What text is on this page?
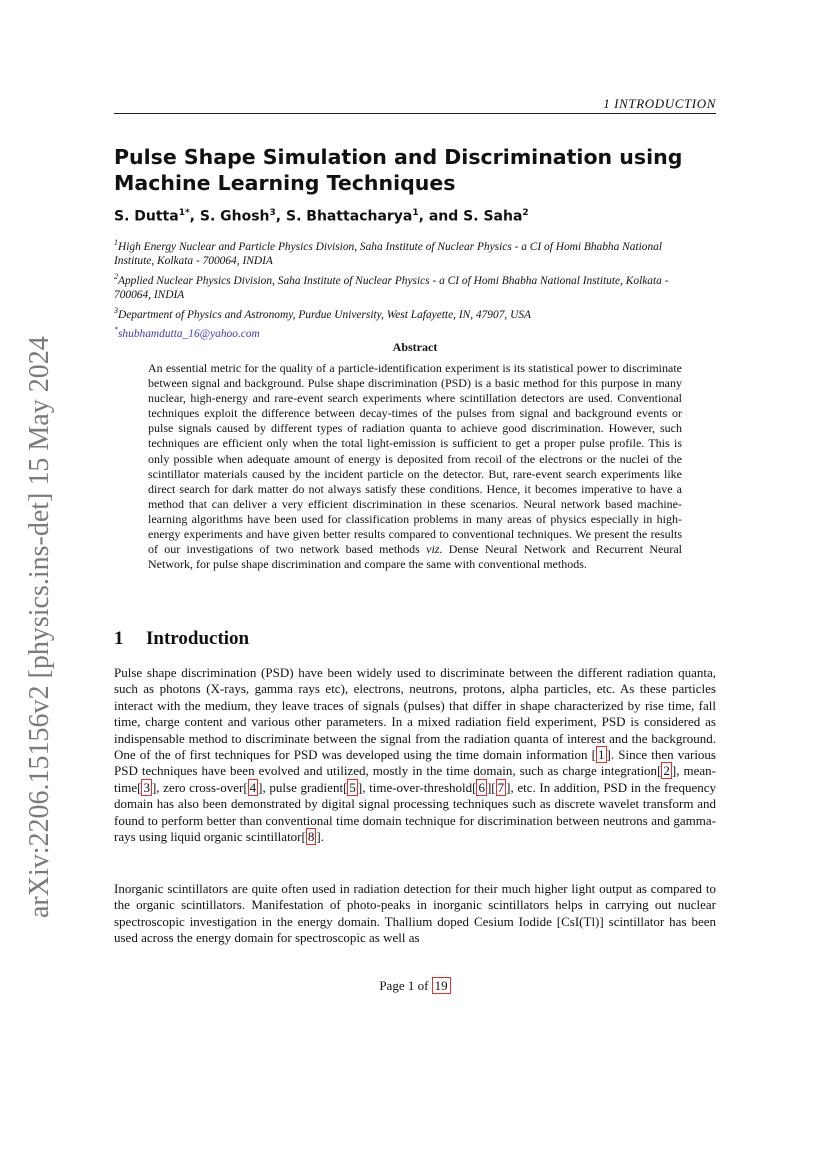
1 INTRODUCTION
arXiv:2206.15156v2 [physics.ins-det] 15 May 2024
Pulse Shape Simulation and Discrimination using Machine Learning Techniques
S. Dutta$^{1*}$, S. Ghosh$^3$, S. Bhattacharya$^1$, and S. Saha$^2$
$^1$High Energy Nuclear and Particle Physics Division, Saha Institute of Nuclear Physics - a CI of Homi Bhabha National Institute, Kolkata - 700064, INDIA
$^2$Applied Nuclear Physics Division, Saha Institute of Nuclear Physics - a CI of Homi Bhabha National Institute, Kolkata - 700064, INDIA
$^3$Department of Physics and Astronomy, Purdue University, West Lafayette, IN, 47907, USA
*shubhamdutta_16@yahoo.com
Abstract
An essential metric for the quality of a particle-identification experiment is its statistical power to discriminate between signal and background. Pulse shape discrimination (PSD) is a basic method for this purpose in many nuclear, high-energy and rare-event search experiments where scintillation detectors are used. Conventional techniques exploit the difference between decay-times of the pulses from signal and background events or pulse signals caused by different types of radiation quanta to achieve good discrimination. However, such techniques are efficient only when the total light-emission is sufficient to get a proper pulse profile. This is only possible when adequate amount of energy is deposited from recoil of the electrons or the nuclei of the scintillator materials caused by the incident particle on the detector. But, rare-event search experiments like direct search for dark matter do not always satisfy these conditions. Hence, it becomes imperative to have a method that can deliver a very efficient discrimination in these scenarios. Neural network based machine-learning algorithms have been used for classification problems in many areas of physics especially in high-energy experiments and have given better results compared to conventional techniques. We present the results of our investigations of two network based methods viz. Dense Neural Network and Recurrent Neural Network, for pulse shape discrimination and compare the same with conventional methods.
1 Introduction
Pulse shape discrimination (PSD) have been widely used to discriminate between the different radiation quanta, such as photons (X-rays, gamma rays etc), electrons, neutrons, protons, alpha particles, etc. As these particles interact with the medium, they leave traces of signals (pulses) that differ in shape characterized by rise time, fall time, charge content and various other parameters. In a mixed radiation field experiment, PSD is considered as indispensable method to discriminate between the signal from the radiation quanta of interest and the background. One of the of first techniques for PSD was developed using the time domain information [ 1 ]. Since then various PSD techniques have been evolved and utilized, mostly in the time domain, such as charge integration[ 2 ], mean-time[ 3 ], zero cross-over[ 4 ], pulse gradient[ 5 ], time-over-threshold[ 6 ][ 7 ], etc. In addition, PSD in the frequency domain has also been demonstrated by digital signal processing techniques such as discrete wavelet transform and found to perform better than conventional time domain technique for discrimination between neutrons and gamma-rays using liquid organic scintillator[ 8 ].
Inorganic scintillators are quite often used in radiation detection for their much higher light output as compared to the organic scintillators. Manifestation of photo-peaks in inorganic scintillators helps in carrying out nuclear spectroscopic investigation in the energy domain. Thallium doped Cesium Iodide [CsI(Tl)] scintillator has been used across the energy domain for spectroscopic as well as
Page 1 of 19
